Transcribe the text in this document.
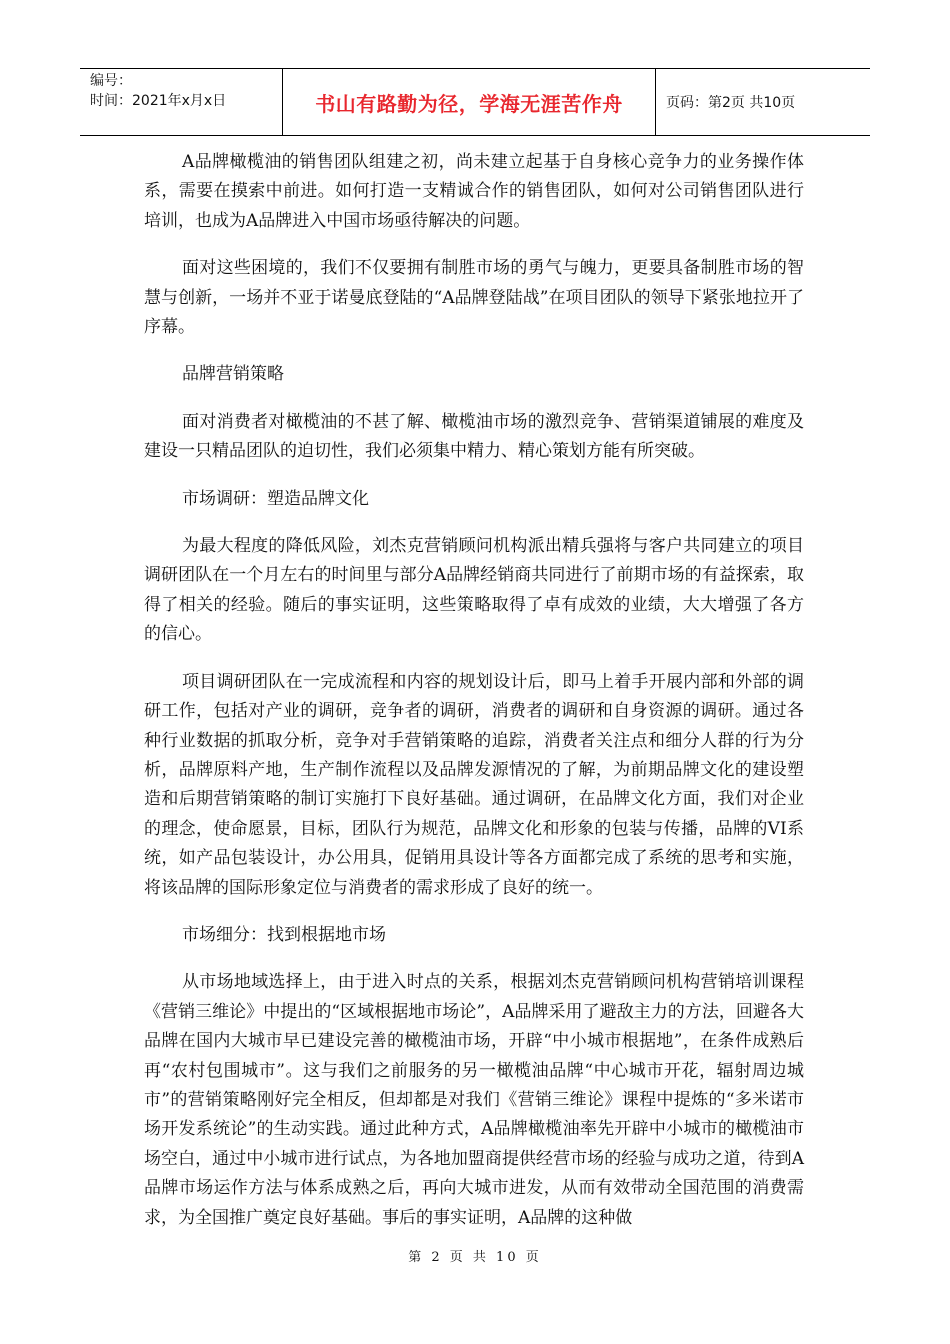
编号：
时间：2021年x月x日	书山有路勤为径，学海无涯苦作舟	页码：第2页 共10页

A品牌橄榄油的销售团队组建之初，尚未建立起基于自身核心竞争力的业务操作体系，需要在摸索中前进。如何打造一支精诚合作的销售团队，如何对公司销售团队进行培训，也成为A品牌进入中国市场亟待解决的问题。

面对这些困境的，我们不仅要拥有制胜市场的勇气与魄力，更要具备制胜市场的智慧与创新，一场并不亚于诺曼底登陆的“A品牌登陆战”在项目团队的领导下紧张地拉开了序幕。

品牌营销策略

面对消费者对橄榄油的不甚了解、橄榄油市场的激烈竞争、营销渠道铺展的难度及建设一只精品团队的迫切性，我们必须集中精力、精心策划方能有所突破。

市场调研：塑造品牌文化

为最大程度的降低风险，刘杰克营销顾问机构派出精兵强将与客户共同建立的项目调研团队在一个月左右的时间里与部分A品牌经销商共同进行了前期市场的有益探索，取得了相关的经验。随后的事实证明，这些策略取得了卓有成效的业绩，大大增强了各方的信心。

项目调研团队在一完成流程和内容的规划设计后，即马上着手开展内部和外部的调研工作，包括对产业的调研，竞争者的调研，消费者的调研和自身资源的调研。通过各种行业数据的抓取分析，竞争对手营销策略的追踪，消费者关注点和细分人群的行为分析，品牌原料产地，生产制作流程以及品牌发源情况的了解，为前期品牌文化的建设塑造和后期营销策略的制订实施打下良好基础。通过调研，在品牌文化方面，我们对企业的理念，使命愿景，目标，团队行为规范，品牌文化和形象的包装与传播，品牌的VI系统，如产品包装设计，办公用具，促销用具设计等各方面都完成了系统的思考和实施，将该品牌的国际形象定位与消费者的需求形成了良好的统一。

市场细分：找到根据地市场

从市场地域选择上，由于进入时点的关系，根据刘杰克营销顾问机构营销培训课程《营销三维论》中提出的“区域根据地市场论”，A品牌采用了避敌主力的方法，回避各大品牌在国内大城市早已建设完善的橄榄油市场，开辟“中小城市根据地”，在条件成熟后再“农村包围城市”。这与我们之前服务的另一橄榄油品牌“中心城市开花，辐射周边城市”的营销策略刚好完全相反，但却都是对我们《营销三维论》课程中提炼的“多米诺市场开发系统论”的生动实践。通过此种方式，A品牌橄榄油率先开辟中小城市的橄榄油市场空白，通过中小城市进行试点，为各地加盟商提供经营市场的经验与成功之道，待到A品牌市场运作方法与体系成熟之后，再向大城市进发，从而有效带动全国范围的消费需求，为全国推广奠定良好基础。事后的事实证明，A品牌的这种做

第 2 页 共 10 页
